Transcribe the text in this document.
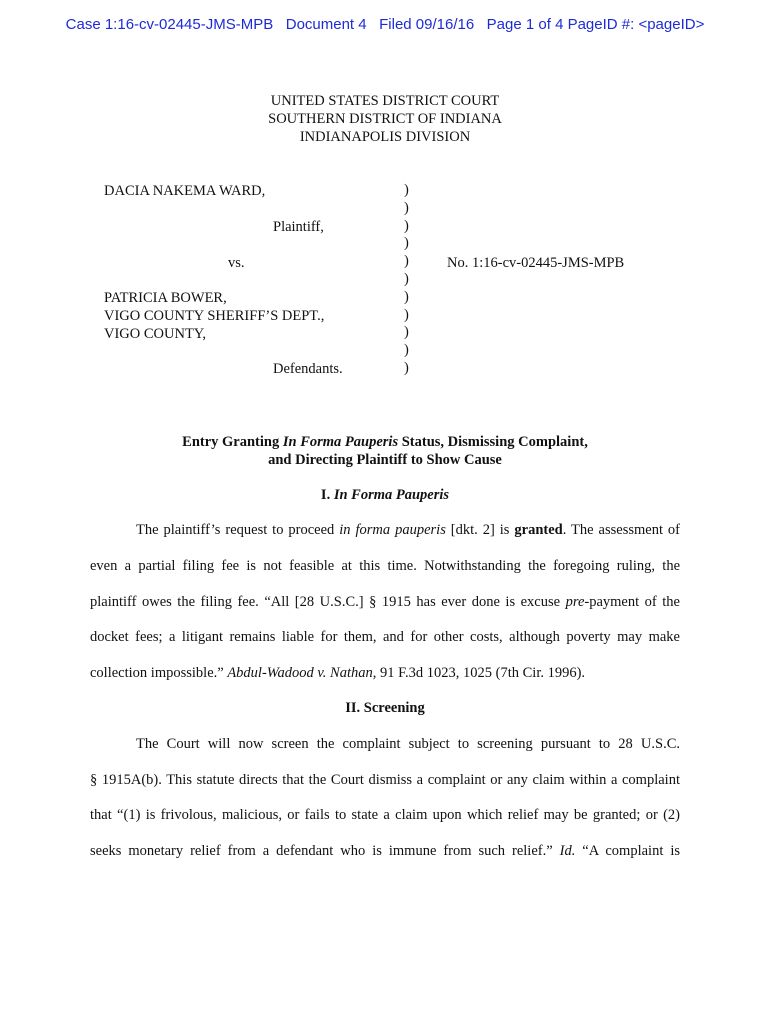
Case 1:16-cv-02445-JMS-MPB   Document 4   Filed 09/16/16   Page 1 of 4 PageID #: <pageID>
UNITED STATES DISTRICT COURT
SOUTHERN DISTRICT OF INDIANA
INDIANAPOLIS DIVISION
DACIA NAKEMA WARD,
Plaintiff,
vs.	No. 1:16-cv-02445-JMS-MPB
PATRICIA BOWER,
VIGO COUNTY SHERIFF’S DEPT.,
VIGO COUNTY,
Defendants.
)
)
)
)
)
)
)
)
)
)
)
Entry Granting In Forma Pauperis Status, Dismissing Complaint,
and Directing Plaintiff to Show Cause
I. In Forma Pauperis
The plaintiff’s request to proceed in forma pauperis [dkt. 2] is granted. The assessment of
even a partial filing fee is not feasible at this time. Notwithstanding the foregoing ruling, the
plaintiff owes the filing fee. “All [28 U.S.C.] § 1915 has ever done is excuse pre-payment of the
docket fees; a litigant remains liable for them, and for other costs, although poverty may make
collection impossible.” Abdul-Wadood v. Nathan, 91 F.3d 1023, 1025 (7th Cir. 1996).
II. Screening
The Court will now screen the complaint subject to screening pursuant to 28 U.S.C.
§ 1915A(b). This statute directs that the Court dismiss a complaint or any claim within a complaint
that “(1) is frivolous, malicious, or fails to state a claim upon which relief may be granted; or (2)
seeks monetary relief from a defendant who is immune from such relief.” Id. “A complaint is
